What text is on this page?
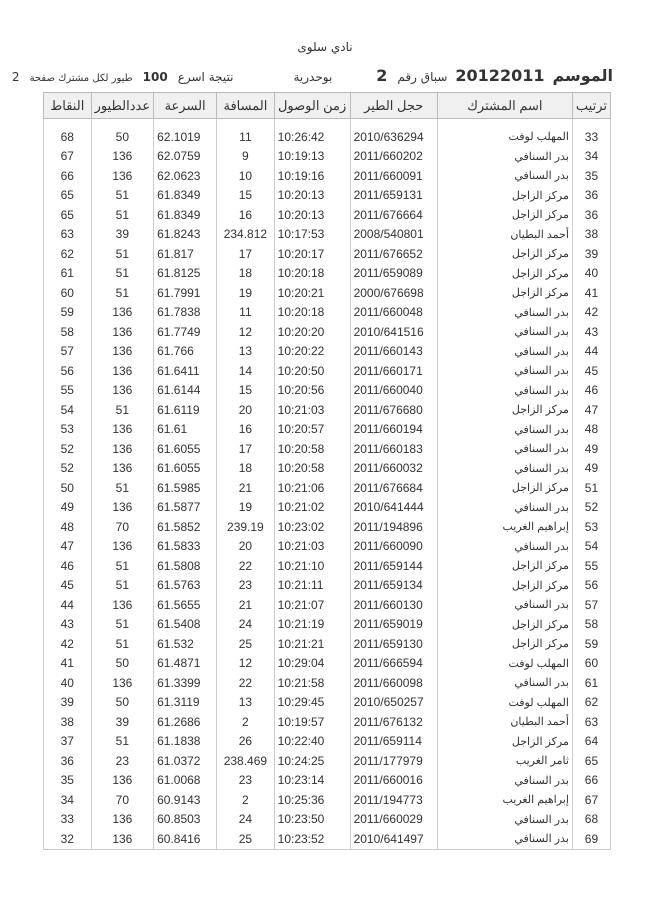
نادي سلوى
الموسم
20122011
سباق رقم
2
بوحدرية
نتيجة اسرع
100
طيور لكل مشترك صفحة
2
ترتيب	اسم المشترك	حجل الطير	زمن الوصول	المسافة	السرعة	عددالطيور	النقاط
33	المهلب لوفت	2010/636294	10:26:42	11	62.1019	50	68
34	بدر السنافي	2011/660202	10:19:13	9	62.0759	136	67
35	بدر السنافي	2011/660091	10:19:16	10	62.0623	136	66
36	مركز الزاجل	2011/659131	10:20:13	15	61.8349	51	65
36	مركز الزاجل	2011/676664	10:20:13	16	61.8349	51	65
38	أحمد البطيان	2008/540801	10:17:53	234.812	61.8243	39	63
39	مركز الزاجل	2011/676652	10:20:17	17	61.817	51	62
40	مركز الزاجل	2011/659089	10:20:18	18	61.8125	51	61
41	مركز الزاجل	2000/676698	10:20:21	19	61.7991	51	60
42	بدر السنافي	2011/660048	10:20:18	11	61.7838	136	59
43	بدر السنافي	2010/641516	10:20:20	12	61.7749	136	58
44	بدر السنافي	2011/660143	10:20:22	13	61.766	136	57
45	بدر السنافي	2011/660171	10:20:50	14	61.6411	136	56
46	بدر السنافي	2011/660040	10:20:56	15	61.6144	136	55
47	مركز الزاجل	2011/676680	10:21:03	20	61.6119	51	54
48	بدر السنافي	2011/660194	10:20:57	16	61.61	136	53
49	بدر السنافي	2011/660183	10:20:58	17	61.6055	136	52
49	بدر السنافي	2011/660032	10:20:58	18	61.6055	136	52
51	مركز الزاجل	2011/676684	10:21:06	21	61.5985	51	50
52	بدر السنافي	2010/641444	10:21:02	19	61.5877	136	49
53	إبراهيم الغريب	2011/194896	10:23:02	239.19	61.5852	70	48
54	بدر السنافي	2011/660090	10:21:03	20	61.5833	136	47
55	مركز الزاجل	2011/659144	10:21:10	22	61.5808	51	46
56	مركز الزاجل	2011/659134	10:21:11	23	61.5763	51	45
57	بدر السنافي	2011/660130	10:21:07	21	61.5655	136	44
58	مركز الزاجل	2011/659019	10:21:19	24	61.5408	51	43
59	مركز الزاجل	2011/659130	10:21:21	25	61.532	51	42
60	المهلب لوفت	2011/666594	10:29:04	12	61.4871	50	41
61	بدر السنافي	2011/660098	10:21:58	22	61.3399	136	40
62	المهلب لوفت	2010/650257	10:29:45	13	61.3119	50	39
63	أحمد البطيان	2011/676132	10:19:57	2	61.2686	39	38
64	مركز الزاجل	2011/659114	10:22:40	26	61.1838	51	37
65	ثامر الغريب	2011/177979	10:24:25	238.469	61.0372	23	36
66	بدر السنافي	2011/660016	10:23:14	23	61.0068	136	35
67	إبراهيم الغريب	2011/194773	10:25:36	2	60.9143	70	34
68	بدر السنافي	2011/660029	10:23:50	24	60.8503	136	33
69	بدر السنافي	2010/641497	10:23:52	25	60.8416	136	32
